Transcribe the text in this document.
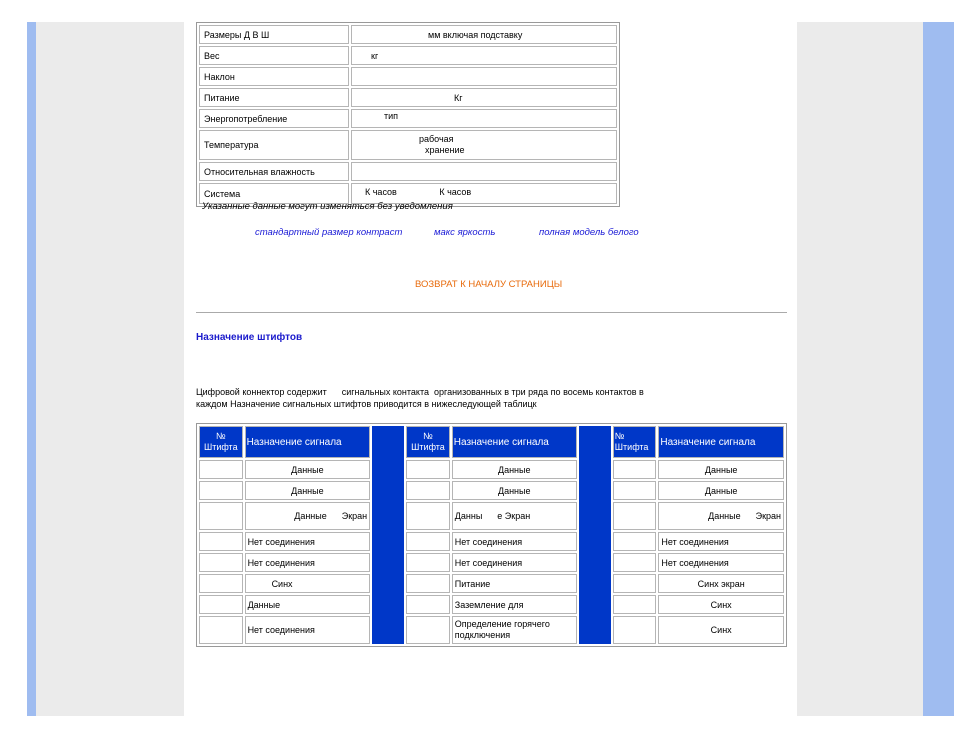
Размеры Д В Ш	мм включая подставку
Вес	кг
Наклон	
Питание	Кг
Энергопотребление	тип
Температура	рабочая
хранение

Относительная влажность	
Система	К часов К часов
Указанные данные могут изменяться без уведомления
стандартный размер контраст	макс яркость	полная модель белого
ВОЗВРАТ К НАЧАЛУ СТРАНИЦЫ
Назначение штифтов
Цифровой коннектор содержит      сигнальных контакта  организованных в три ряда по восемь контактов в
каждом Назначение сигнальных штифтов приводится в нижеследующей таблицк
№ Штифта	Назначение сигнала		№ Штифта	Назначение сигнала		№ Штифта	Назначение сигнала
	Данные			Данные			Данные
	Данные			Данные			Данные
	Данные      Экран			Данны      е Экран			Данные      Экран
	Нет соединения			Нет соединения			Нет соединения
	Нет соединения			Нет соединения			Нет соединения
	Синх			Питание			Синх экран
	Данные			Заземление для			Синх
	Нет соединения			Определение горячего подключения			Синх
